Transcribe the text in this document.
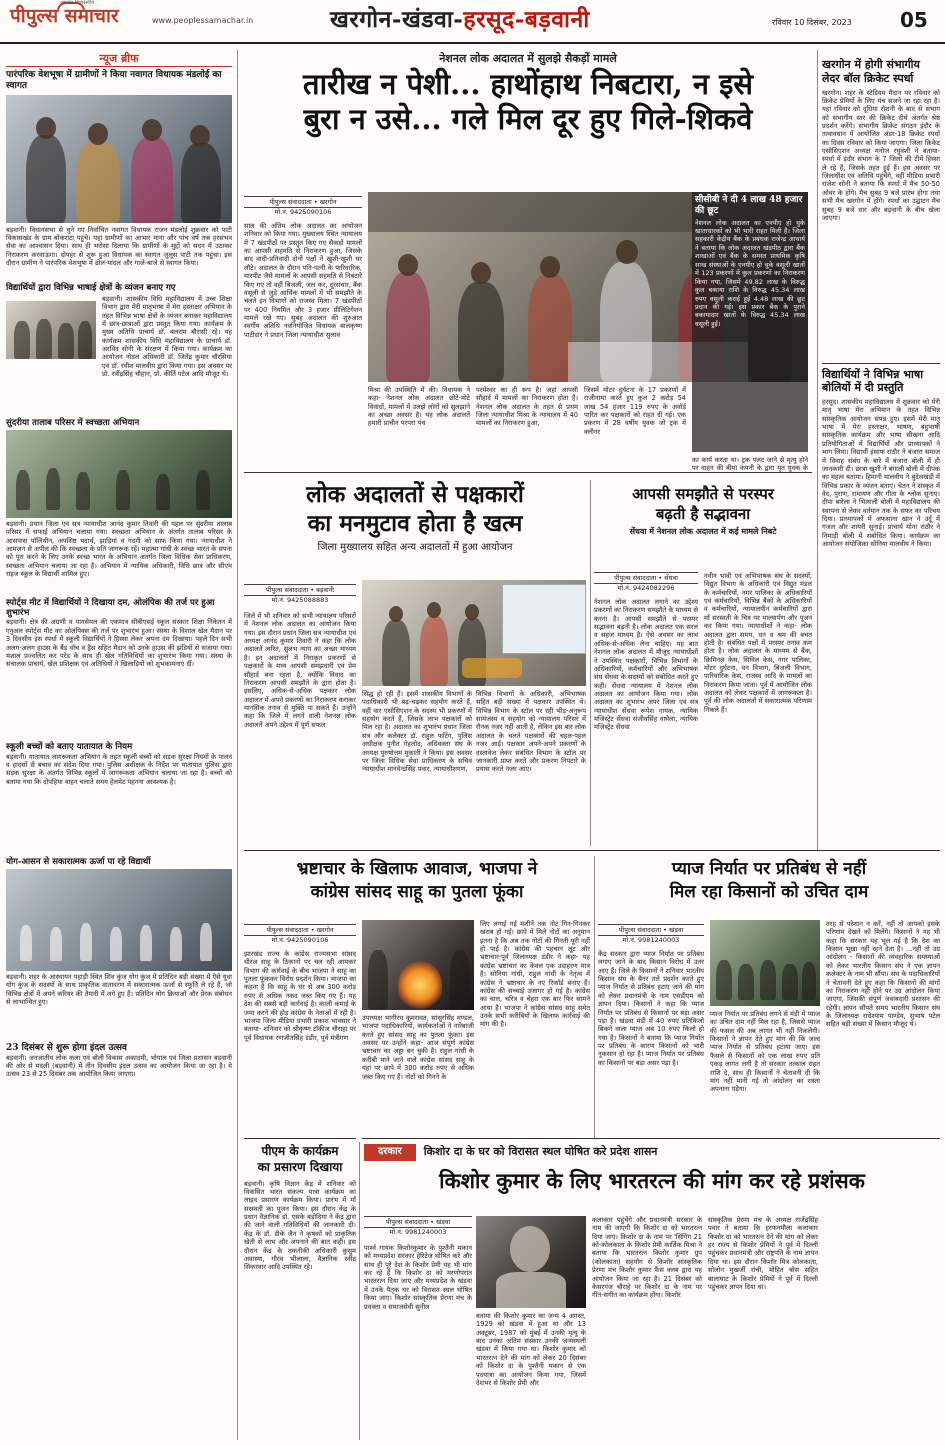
आपका विश्वसनीय
पीपुल्स समाचार	www.peoplessamachar.in	खरगोन-खंडवा-हरसूद-बड़वानी	रविवार 10 दिसंबर, 2023 05
न्यूज ब्रीफ
पारंपरिक वेशभूषा में ग्रामीणों ने किया नवागत विधायक मंडलोई का स्वागत
बड़वानी। विधानसभा से चुने गए निर्वाचित नवागत विधायक राजन मंडलोई शुक्रवार को पाटी विकासखंड के ग्राम बोकराटा पहुंचे। यहां ग्रामीणों का आभार माना और पांच वर्ष तक हरसंभव सेवा का आश्वासन दिया। साथ ही भरोसा दिलाया कि ग्रामीणों के मुद्दों को सदन में उठाकर निराकरण करवाऊंगा। दोपहर से शुरू हुआ विधायक का स्वागत जुलूस पाटी तक पहुंचा। इस दौरान ग्रामीण ने पारंपरिक वेशभूषा में ढोल-मांदल और गाजे-बाजे से स्वागत किया।
विद्यार्थियों द्वारा विभिन्न भाषाई क्षेत्रों के व्यंजन बनाए गए
बड़वानी। शासकीय विधि महाविद्यालय में उच्च शिक्षा विभाग द्वारा मेरी मातृभाषा में मेरा हस्ताक्षर अभियान के तहत विभिन्न भाषा क्षेत्रों के व्यंजन बनाकर महाविद्यालय में छात्र-छात्राओं द्वारा प्रस्तुत किया गया। कार्यक्रम के मुख्य अतिथि प्राचार्य डॉ. बलराम बौरासी रहे। यह कार्यक्रम शासकीय विधि महाविद्यालय के प्राचार्य डॉ. अरविंद सोनी के संरक्षण में किया गया। कार्यक्रम का आयोजन नोडल अधिकारी डॉ. जितेंद्र कुमार चौरसिया एवं डॉ. रवीश मालवीय द्वारा किया गया। इस अवसर पर प्रो. रवींद्रसिंह चौहान, प्रो. कीर्ति पटेल आदि मौजूद थे।
सुंदरीया तालाब परिसर में स्वच्छता अभियान
बड़वानी। प्रधान जिला एवं सत्र न्यायाधीश आनंद कुमार तिवारी की पहल पर सुंदरीया तालाब परिसर में सफाई अभियान चलाया गया। स्वच्छता अभियान के अंतर्गत तालाब परिसर के आसपास पॉलिथीन, अपशिष्ट पदार्थ, झाड़ियां व गंदगी को साफ किया गया। न्यायाधीश ने आमजन से अपील की कि स्वच्छता के प्रति जागरूक रहें। महात्मा गांधी के स्वच्छ भारत के सपना को पूरा करने के लिए उनके स्वच्छ भारत के अभियान अंतर्गत जिला विधिक सेवा प्राधिकरण, स्वच्छता अभियान चलाया जा रहा है। अभियान में न्यायिक अधिकारी, विधि छात्र और सीएम राइज स्कूल के विद्यार्थी शामिल हुए।
स्पोर्ट्स मीट में विद्यार्थियों ने दिखाया दम, ओलंपिक की तर्ज पर हुआ शुभारंभ
बड़वानी। क्षेत्र की अग्रणी व पानसेमल की एकमात्र सीबीएसई स्कूल संस्कार शिक्षा निकेतन में एनुअल स्पोर्ट्स मीट का ओलंपिक्स की तर्ज पर शुभारंभ हुआ। संस्था के विशाल खेल मैदान पर 3 दिवसीय इस स्पर्धा में स्कूली विद्यार्थियों ने हिस्सा लेकर अपना दम दिखाया। पहले दिन सभी अलग-अलग हाउस के बैंड वॉच व ड्रैस सहित मैदान को उनके हाउस की झंडियों से सजाया गया। मशाल प्रज्वलित कर परेड के साथ ही खेल गतिविधियों का शुभारंभ किया गया। संस्था के संचालक प्राचार्य, खेल प्रशिक्षक एवं अतिथियों ने खिलाड़ियों को शुभकामनाएं दीं।
स्कूली बच्चों को बताए यातायात के नियम
बड़वानी। यातायात जागरूकता अभियान के तहत स्कूली बच्चों को सड़क सुरक्षा नियमों के पालन व हादसों से बचाव का संदेश दिया गया। पुलिस अधीक्षक के निर्देश पर यातायात पुलिस द्वारा सड़क सुरक्षा के अंतर्गत विभिन्न स्कूलों में जागरूकता अभियान चलाया जा रहा है। बच्चों को बताया गया कि दोपहिया वाहन चलाते समय हेलमेट पहनना आवश्यक है।
योग-आसन से सकारात्मक ऊर्जा पा रहे विद्यार्थी
बड़वानी। शहर के आस्थायन पहाड़ी स्थित शिव कुंज योग कुंज में प्रतिदिन बड़ी संख्या में ऐसे युवा योग कुंज के सदस्यों के साथ प्राकृतिक वातावरण में सकारात्मक ऊर्जा से स्फूर्ति ले रहे हैं, जो विभिन्न क्षेत्रों में अपने करियर की तैयारी में लगे हुए हैं। प्रतिदिन योग क्रियाओं और प्रेरक संबोधन से लाभान्वित हुए।
23 दिसंबर से शुरू होगा इंदल उत्सव
बड़वानी। जनजातीय लोक कला एवं बोली विकास अकादमी, भोपाल एवं जिला प्रशासन बड़वानी की ओर से मदली (बड़वानी) में तीन दिवसीय इंदल उत्सव का आयोजन किया जा रहा है। ये उत्सव 23 से 25 दिसंबर तक आयोजित किया जाएगा।
नेशनल लोक अदालत में सुलझे सैकड़ों मामले
तारीख न पेशी... हाथोंहाथ निबटारा, न इसे
बुरा न उसे... गले मिल दूर हुए गिले-शिकवे
पीपुल्स संवाददाता • खरगोन
मो.नं. 9425090106
साल की अंतिम लोक अदालत का आयोजन शनिवार को किया गया। मुख्यालय स्थित न्यायालय में 7 खंडपीठों पर प्रस्तुत किए गए सैकड़ों मामलों का आपसी सहमति से निराकरण हुआ, जिसके बाद वादी-प्रतिवादी दोनों पक्षों ने खुशी-खुशी घर लौटे। अदालत के दौरान पति-पत्नी के पारिवारिक, मारपीट जैसे मामलों के आपसी सहमति से निबटारे किए गए तो वहीं बिजली, जल कर, दूरसंचार, बैंक वसूली से जुड़े आर्थिक मामलों में भी समझौते के चलते इन विभागों को राजस्व मिला। 7 खंडपीठों पर 400 नियमित और 3 हजार प्रीलिटिगेशन मामले रखे गए। सुबह अदालत की शुरुआत स्वर्गीय अतिथि नवनियोजित विधायक बालकृष्ण पाटीदार ने प्रधान जिला न्यायाधीश सुलाव
सीसीबी ने दी 4 लाख 48 हजार की छूट
नेशनल लोक अदालत का एनपीए हो चुके खाताधारकों को भी भारी राहत मिली है। जिला सहकारी केंद्रीय बैंक के प्रबंधक राजेन्द्र आचार्य ने बताया कि लोक अदालत खंडपीठ द्वारा बैंक शाखाओं एवं बैंक के समस्त प्राथमिक कृषि साख संस्थाओं के एनपीए हो चुके वसूली खातों में 123 प्रकरणों में कुल प्रकरणों का निराकरण किया गया, जिसमें 49.82 लाख के विरुद्ध कुल बकाया राशि के विरुद्ध 45.34 लाख रुपए वसूली कराई हुई 4.48 लाख की छूट प्रदान की गई। इस प्रकार बैंक के पुराने बकायादार खातों के विरुद्ध 45.34 लाख वसूली हुई।
मिश्रा की उपस्थिति में की। विधायक ने कहा- नेशनल लोक अदालत छोटे-मोटे विवादों, मामलों में उलझे लोगों को सुलझाने का अच्छा अवसर है। यह लोक अदालतें हमारी प्राचीन परंपरा पंच
परमेश्वर का ही रूप है। जहां आपसी सौहार्द में मामलों का निराकरण होता है। नेशनल लोक अदालत के तहत से प्रथम जिला न्यायाधीश मिश्रा के न्यायालय में 40 मामलों का निराकरण हुआ,
जिसमें मोटर दुर्घटना के 17 प्रकरणों में राजीनामा करते हुए कुल 2 करोड़ 54 लाख 54 हजार 119 रुपए के अवॉर्ड पारित कर पक्षकारों को राहत दी गई। एक प्रकरण में 28 वर्षीय युवक जो ट्रक में क्लीनर
का कार्य करता था। ट्रक पलट जाने से मृत्यु होने पर वाहन की बीमा कंपनी के द्वारा मृत युवक के
खरगोन में होगी संभागीय लेदर बॉल क्रिकेट स्पर्धा
खरगोन। शहर के स्टेडियम मैदान पर रविवार को क्रिकेट प्रेमियों के लिए मंच सजने जा रहा रहा है। यहां रविवार को दूधिया रोशनी के बाद से संभाग को संभागीय स्तर की क्रिकेट दीर्घ अंतर्गत श्रेष्ठ प्रदर्शन करेंगे। संभागीय क्रिकेट संगठन इंदौर के तत्वावधान में आयोजित अंडर-18 क्रिकेट स्पर्धा का दिवस रविवार को किया जाएगा। जिला क्रिकेट एसोसिएशन अध्यक्ष मनोज रघुवंशी ने बताया- स्पर्धा में इंदौर संभाग के 7 जिलों की टीमें हिस्सा ले रहे हैं, जिसके तहत हुई हैं। इस अवसर पर जिलाधीश एवं अतिथि पहुंचेंगे, वहीं मीडिया प्रभारी राजेश सोनी ने बताया कि स्पर्धा में मैच 50-50 ओवर के होंगे। मैच सुबह 9 बजे प्रारंभ होगा तथा सभी मैच खरगोन में होंगे। स्पर्धा का उद्घाटन मैच सुबह 9 बजे धार और बड़वानी के बीच खेला जाएगा।
विद्यार्थियों ने विभिन्न भाषा बोलियों में दी प्रस्तुति
हरसूद। शासकीय महाविद्यालय में शुक्रवार को मेरी मातृ भाषा मेरा अभिमान के तहत विभिन्न सांस्कृतिक आयोजन संपन्न हुए। इसमें मेरी मातृ भाषा में मेरा हस्ताक्षर, भाषण, बहुभाषी सांस्कृतिक कार्यक्रम और भाषा सीखना आदि प्रतियोगिताओं में विद्यार्थियों और प्राध्यापकों ने भाग लिया। विद्यार्थी इंसाफ राठौर ने बंजारा समाज में विवाह संबंध के बारे में बंजारा बोली में ही जानकारी दी। छात्रा खुशी ने बंगाली बोली में दीपक का महत्व बताया। हिमानी मालवीय ने बुंदेलखंडी में विभिन्न प्रकार के व्यंजन बताए। चेतन ने संस्कृत में वेद, पुराण, रामायण और गीता के श्लोक सुनाए। दीपा बारेला ने भिलाली बोली में महाविद्यालय की स्थापना से लेकर वर्तमान तक के सफर का परिचय दिया। प्राध्यापकों में अफसाना खान ने उर्दू में गजल और शायरी सुनाई। प्राचार्य मोना राठौर ने निमाड़ी बोली में संबोधित किया। कार्यक्रम का आयोजन संयोजिका सोनिया मालवीय ने किया।
लोक अदालतों से पक्षकारों
का मनमुटाव होता है खत्म
जिला मुख्यालय सहित अन्य अदालतों में हुआ आयोजन
पीपुल्स संवाददाता • बड़वानी
मो.नं. 9425088883
जिले में भी शनिवार को सभी न्यायालय परिसरों में नेशनल लोक अदालत का आयोजन किया गया। इस दौरान प्रधान जिला सत्र न्यायाधीश एवं अध्यक्ष आनंद कुमार तिवारी ने कहा कि लोक अदालतें त्वरित, सुलभ न्याय का अच्छा माध्यम है। इन अदालतों में निराकृत प्रकरणों से पक्षकारों के मध्य आपसी समझदारी एवं प्रेम सौहार्द बना रहता है, क्योंकि विवाद का निराकरण आपसी समझौते के द्वारा होता है। इसलिए, अधिक-से-अधिक पक्षकार लोक अदालत में अपने प्रकरणों का निराकरण कराकर मानसिक तनाव से मुक्ति पा सकते हैं। उन्होंने कहा कि जिले में लगने वाली नेशनल लोक अदालतें अपने उद्देश्य में पूर्ण सफल
सिद्ध हो रही हैं। इसमें शासकीय विभागों के पदाधिकारी भी बढ़-चढ़कर सहयोग करते हैं, वहीं वार एसोसिएशन के सदस्य भी प्रकरणों में सहयोग करते हैं, जिसके लाभ पक्षकारों को मिल रहा है। अदालत का शुभारंभ प्रधान जिला सत्र और कलेक्टर डॉ. राहुल फटिंग, पुलिस अधीक्षक पुनीत गेहलोद, अधिवक्ता संघ के अध्यक्ष पुरुषोत्तम मुकाती ने किया। इस अवसर पर जिला विधिक सेवा प्राधिकरण के सचिव न्यायाधीश मानवेन्द्रसिंह पवार, न्यायाधीशगण,
विभिन्न विभागों के अधिकारी, अभिभाषक सहित बड़ी संख्या में पक्षकार उपस्थित थे। विभिन्न विभाग के स्टॉल पर रही भीड़-अनुरूप सामंजस्य व सहयोग को न्यायालय परिसर में रौनक नजर नहीं आती है, लेकिन इस बार लोक अदालत के चलते पक्षकारों की चहल-पहल नजर आई। पक्षकार अपने-अपने प्रकरणों के दस्तावेज लेकर संबंधित विभाग के स्टॉल पर जानकारी प्राप्त करते और प्रकरण निपटारे के प्रयास करते नजर आए।
आपसी समझौते से परस्पर
बढ़ती है सद्भावना
सेंधवा में नेशनल लोक अदालत में कई मामले निबटे
पीपुल्स संवाददाता • सेंधवा
मो.नं. 9424082296
नेशनल लोक अदालत लगाने का उद्देश्य प्रकरणों का निराकरण समझौते के माध्यम से करना है। आपसी समझौते से परस्पर सद्भावना बढ़ती है। लोक अदालत एक सरल व सहज माध्यम है। ऐसे अवसर का लाभ अधिक-से-अधिक लेना चाहिए। यह बात नेशनल लोक अदालत में मौजूद न्यायाधीशों ने उपस्थित पक्षकारों, विभिन्न विभागों के अधिकारियों, कर्मचारियों और अभिभाषक संघ सेंधवा के सदस्यों को संबोधित करते हुए कही। सेंधवा न्यायालय में नेशनल लोक अदालत का आयोजन किया गया। लोक अदालत का शुभारंभ अपर जिला एवं सत्र न्यायाधीश सेंधवा रूपेश नायक, न्यायिक मजिस्ट्रेट सेंधवा संजीवसिंह वाघेला, न्यायिक मजिस्ट्रेट सेंधवा
नवीन भावी एवं अभिभाषक संघ के सदस्यों, विद्युत विभाग के अधिकारी एवं विद्युत मंडल के कर्मचारियों, नगर पालिका के अधिकारियों एवं कर्मचारियों, विभिन्न बैंकों के अधिकारियों व कर्मचारियों, न्यायालयीन कर्मचारियों द्वारा माँ सरस्वती के चित्र पर माल्यार्पण और पूजन कर किया गया। न्यायाधीशों ने कहा- लोक अदालत द्वारा समय, धन व श्रम की बचत होती है। संबंधित पक्षों में परस्पर तनाव कम होता है। लोक अदालत के माध्यम से बैंक, क्रिमिनल केस, सिविल केस, नगर पालिका, मोटर दुर्घटना, वन विभाग, बिजली विभाग, पारिवारिक केस, राजस्व आदि के मामलों का निराकरण किया जाता। पूर्व में आयोजित लोक अदालत को लेकर पक्षकारों में जागरूकता है। पूर्व की लोक अदालतों में सकारात्मक परिणाम निकले हैं।
भ्रष्टाचार के खिलाफ आवाज, भाजपा ने
कांग्रेस सांसद साहू का पुतला फूंका
पीपुल्स संवाददाता • खरगोन
मो.नं. 9425090106
झारखंड राज्य के कांग्रेस राज्यसभा सांसद धीरज साहू के ठिकानों पर चल रही आयकर विभाग की कार्रवाई के बीच भाजपा ने साहू का पुतला फूंककर विरोध प्रदर्शन किया। भाजपा का कहना है कि साहू के घर से अब 300 करोड़ रुपए से अधिक नकद जब्त किए गए हैं। यह देश की सबसे बड़ी कार्रवाई है। काली कमाई के जमा करने की होड़ कांग्रेस के नेताओं में रही है। भाजपा जिला मीडिया प्रभारी प्रकाश भावसार ने बताया- शनिवार को श्रीकृष्ण टॉकीज चौराहा पर पूर्व विधायक रणजीतसिंह डंडीर, पूर्व मंत्रीगण
उपाध्यक्ष भागीरथ कुमरावत, सांसुरसिंह मण्डल, भाजपा पदाधिकारियों, कार्यकर्ताओं ने नारेबाजी करते हुए सांसद साहू का पुतला फूंका। इस अवसर पर उन्होंने कहा- आज संपूर्ण कांग्रेस भ्रष्टाचार का अड्डा बन चुकी है। राहुल गांधी के करीबी माने जाने वाले कांग्रेस सांसद साहू के यहां पर छापे में 300 करोड़ रुपए से अधिक जब्त किए गए हैं। नोटों को गिनने के
लिए लगाई गई मशीनें तक नोट गिन-गिनकर खराब हो गईं। छापे में मिले नोटों का अनुमान इतना है कि अब तक नोटों की गिनती पूरी नहीं हो पाई है। कांग्रेस की पहचान लूट और भ्रष्टाचार-पूर्व जिलाध्यक्ष डंडीर ने कहा- यह कांग्रेस भ्रष्टाचार का केवल एक उदाहरण मात्र है। सोनिया गांधी, राहुल गांधी के नेतृत्व में कांग्रेस ने भ्रष्टाचार के नए रिकॉर्ड बनाए हैं। कांग्रेस की सच्चाई उजागर हो गई है। कांग्रेस का चाल, चरित्र व चेहरा एक बार फिर सामने आया है। भाजपा ने कांग्रेस सांसद साहू समेत उनके सभी करीबियों के खिलाफ कार्रवाई की मांग की है।
प्याज निर्यात पर प्रतिबंध से नहीं
मिल रहा किसानों को उचित दाम
पीपुल्स संवाददाता • खंडवा
मो.नं. 9981240003
केंद्र सरकार द्वारा प्याज निर्यात पर प्रतिबंध लगाए जाने के बाद किसान विरोध में उतर आए हैं। जिले के किसानों ने शनिवार भारतीय किसान संघ के बैनर तले प्रदर्शन करते हुए प्याज निर्यात से प्रतिबंध हटाए जाने की मांग को लेकर प्रधानमंत्री के नाम एसडीएम को ज्ञापन दिया। किसानों ने कहा कि प्याज निर्यात पर प्रतिबंध से किसानों पर बड़ा असर पड़ा है। खंडवा मंडी में 40 रुपए प्रतिकिलो बिकने वाला प्याज अब 10 रुपए किलो हो गया है। किसानों ने बताया कि प्याज निर्यात पर प्रतिबंध के कारण किसानों को भारी नुकसान हो रहा है। प्याज निर्यात पर प्रतिबंध का किसानों पर बड़ा असर पड़ा है।
प्याज निर्यात पर प्रतिबंध लगने से मंडी में प्याज का उचित दाम नहीं मिल रहा है, जिससे प्याज की फसल की अब लागत भी नहीं निकलेगी। किसानों ने ज्ञापन देते हुए मांग की कि जल्द प्याज निर्यात से प्रतिबंध हटाया जाए। इस फैसले से किसानों को एक लाख रुपए प्रति एकड़ लागत लगी है तो सरकार तत्काल राहत राशि दे, साथ ही किसानों ने चेतावनी दी कि मांग नहीं मानी गई तो आंदोलन का रास्ता अपनाना पड़ेगा।
तरह से परेशान न करें, नहीं तो आपको इसके परिणाम देखने को मिलेंगे। किसानों ने यह भी कहा कि सरकार यह भूल गई है कि देश का किसान भूखा नहीं रहने देता है। ...नहीं तो उग्र आंदोलन - किसानों की व्यवहारिक समस्याओं को लेकर भारतीय किसान संघ ने एक ज्ञापन कलेक्टर के नाम भी सौंपा। संघ के पदाधिकारियों ने चेतावनी देते हुए कहा कि किसानों की मांगों का निराकरण नहीं होने पर उग्र आंदोलन किया जाएगा, जिसकी संपूर्ण जवाबदारी प्रशासन की रहेगी। ज्ञापन सौंपते समय भारतीय किसान संघ के जिलाध्यक्ष राधेश्याम पाण्डेय, सुभाष पटेल सहित बड़ी संख्या में किसान मौजूद थे।
पीएम के कार्यक्रम
का प्रसारण दिखाया
बड़वानी। कृषि विज्ञान केंद्र में शनिवार को विकसित भारत संकल्प यात्रा कार्यक्रम का लाइव प्रसारण कार्यक्रम किया। प्रारंभ में माँ सरस्वती का पूजन किया। इस दौरान केंद्र के प्रधान वैज्ञानिक डॉ. एसके बड़ोदिया ने केंद्र द्वारा की जाने वाली गतिविधियों की जानकारी दी। केंद्र के डॉ. डीके जैन ने कृषकों को प्राकृतिक खेती से लाभ और अपनाने की बात कही। इस दौरान केंद्र के तकनीकी अधिकारी कुसुम अवास्या, गौरव भीलाला, वैज्ञानिक रवींद्र सिकरवार आदि उपस्थित रहे।
दरकार	किशोर दा के घर को विरासत स्थल घोषित करे प्रदेश शासन
किशोर कुमार के लिए भारतरत्न की मांग कर रहे प्रशंसक
पीपुल्स संवाददाता • खंडवा
मो.नं. 9981240003
पार्श्व गायक किशोरकुमार के पुश्तैनी मकान को मध्यप्रदेश सरकार हेरिटेज घोषित करे और साथ ही पूरे देश के किशोर प्रेमी यह भी मांग कर रहे हैं कि किशोर दा को मरणोपरांत भारतरत्न दिया जाए और मध्यप्रदेश के खंडवा में उनके पैतृक घर को विरासत स्थल घोषित किया जाए। किशोर सांस्कृतिक प्रेरणा मंच के प्रवक्ता व समाजसेवी सुनील
बताया की किशोर कुमार का जन्म 4 अगस्त, 1929 को खंडवा में हुआ था और 13 अक्टूबर, 1987 को मुंबई में उनकी मृत्यु के बाद उनका अंतिम संस्कार उनकी जन्मस्थली खंडवा में किया गया था। किशोर कुमार को भारतरत्न देने की मांग को लेकर 20 दिसंबर को किशोर दा के पुश्तैनी मकान से एक पदयात्रा का आयोजन किया गया, जिसमें देशभर से किशोर प्रेमी और
कलाकार पहुंचेंगे और प्रधानमंत्री सरकार के नाम की जाएगी कि किशोर दा को भारतरत्न दिया जाए। किशोर दा के नाम पर 'सिंगिंग 21 को-कोलकाता के किशोर प्रेमी कार्तिक मिश्रा ने बताया कि भारतरत्न किशोर कुमार ग्रुप (कोलकाता) सहयोग से किशोर सांस्कृतिक प्रेरणा मंच किशोर कुमार फैंस क्लब द्वारा यह आयोजन किया जा रहा है। 21 दिसंबर को केसरगंज चौराहे पर किशोर दा के नाम पर गीत-संगीत का कार्यक्रम होगा। किशोर
सांस्कृतिक प्रेरणा मंच के अध्यक्ष राजेंद्रसिंह पवार ने बताया कि हरफनमौला कलाकार किशोर दा को भारतरत्न देने की मांग को लेकर हर राज्य से किशोर प्रेमियों ने पूर्व में दिल्ली पहुंचकर प्रधानमंत्री और राष्ट्रपति के नाम ज्ञापन दिया था। इस दौरान किशोर मित्र कोलकाता, सोलोन मुखर्जी रांची, मोहित बोस सहित बालाघाट के किशोर प्रेमियों ने पूर्व में दिल्ली पहुंचकर ज्ञापन दिया था।
